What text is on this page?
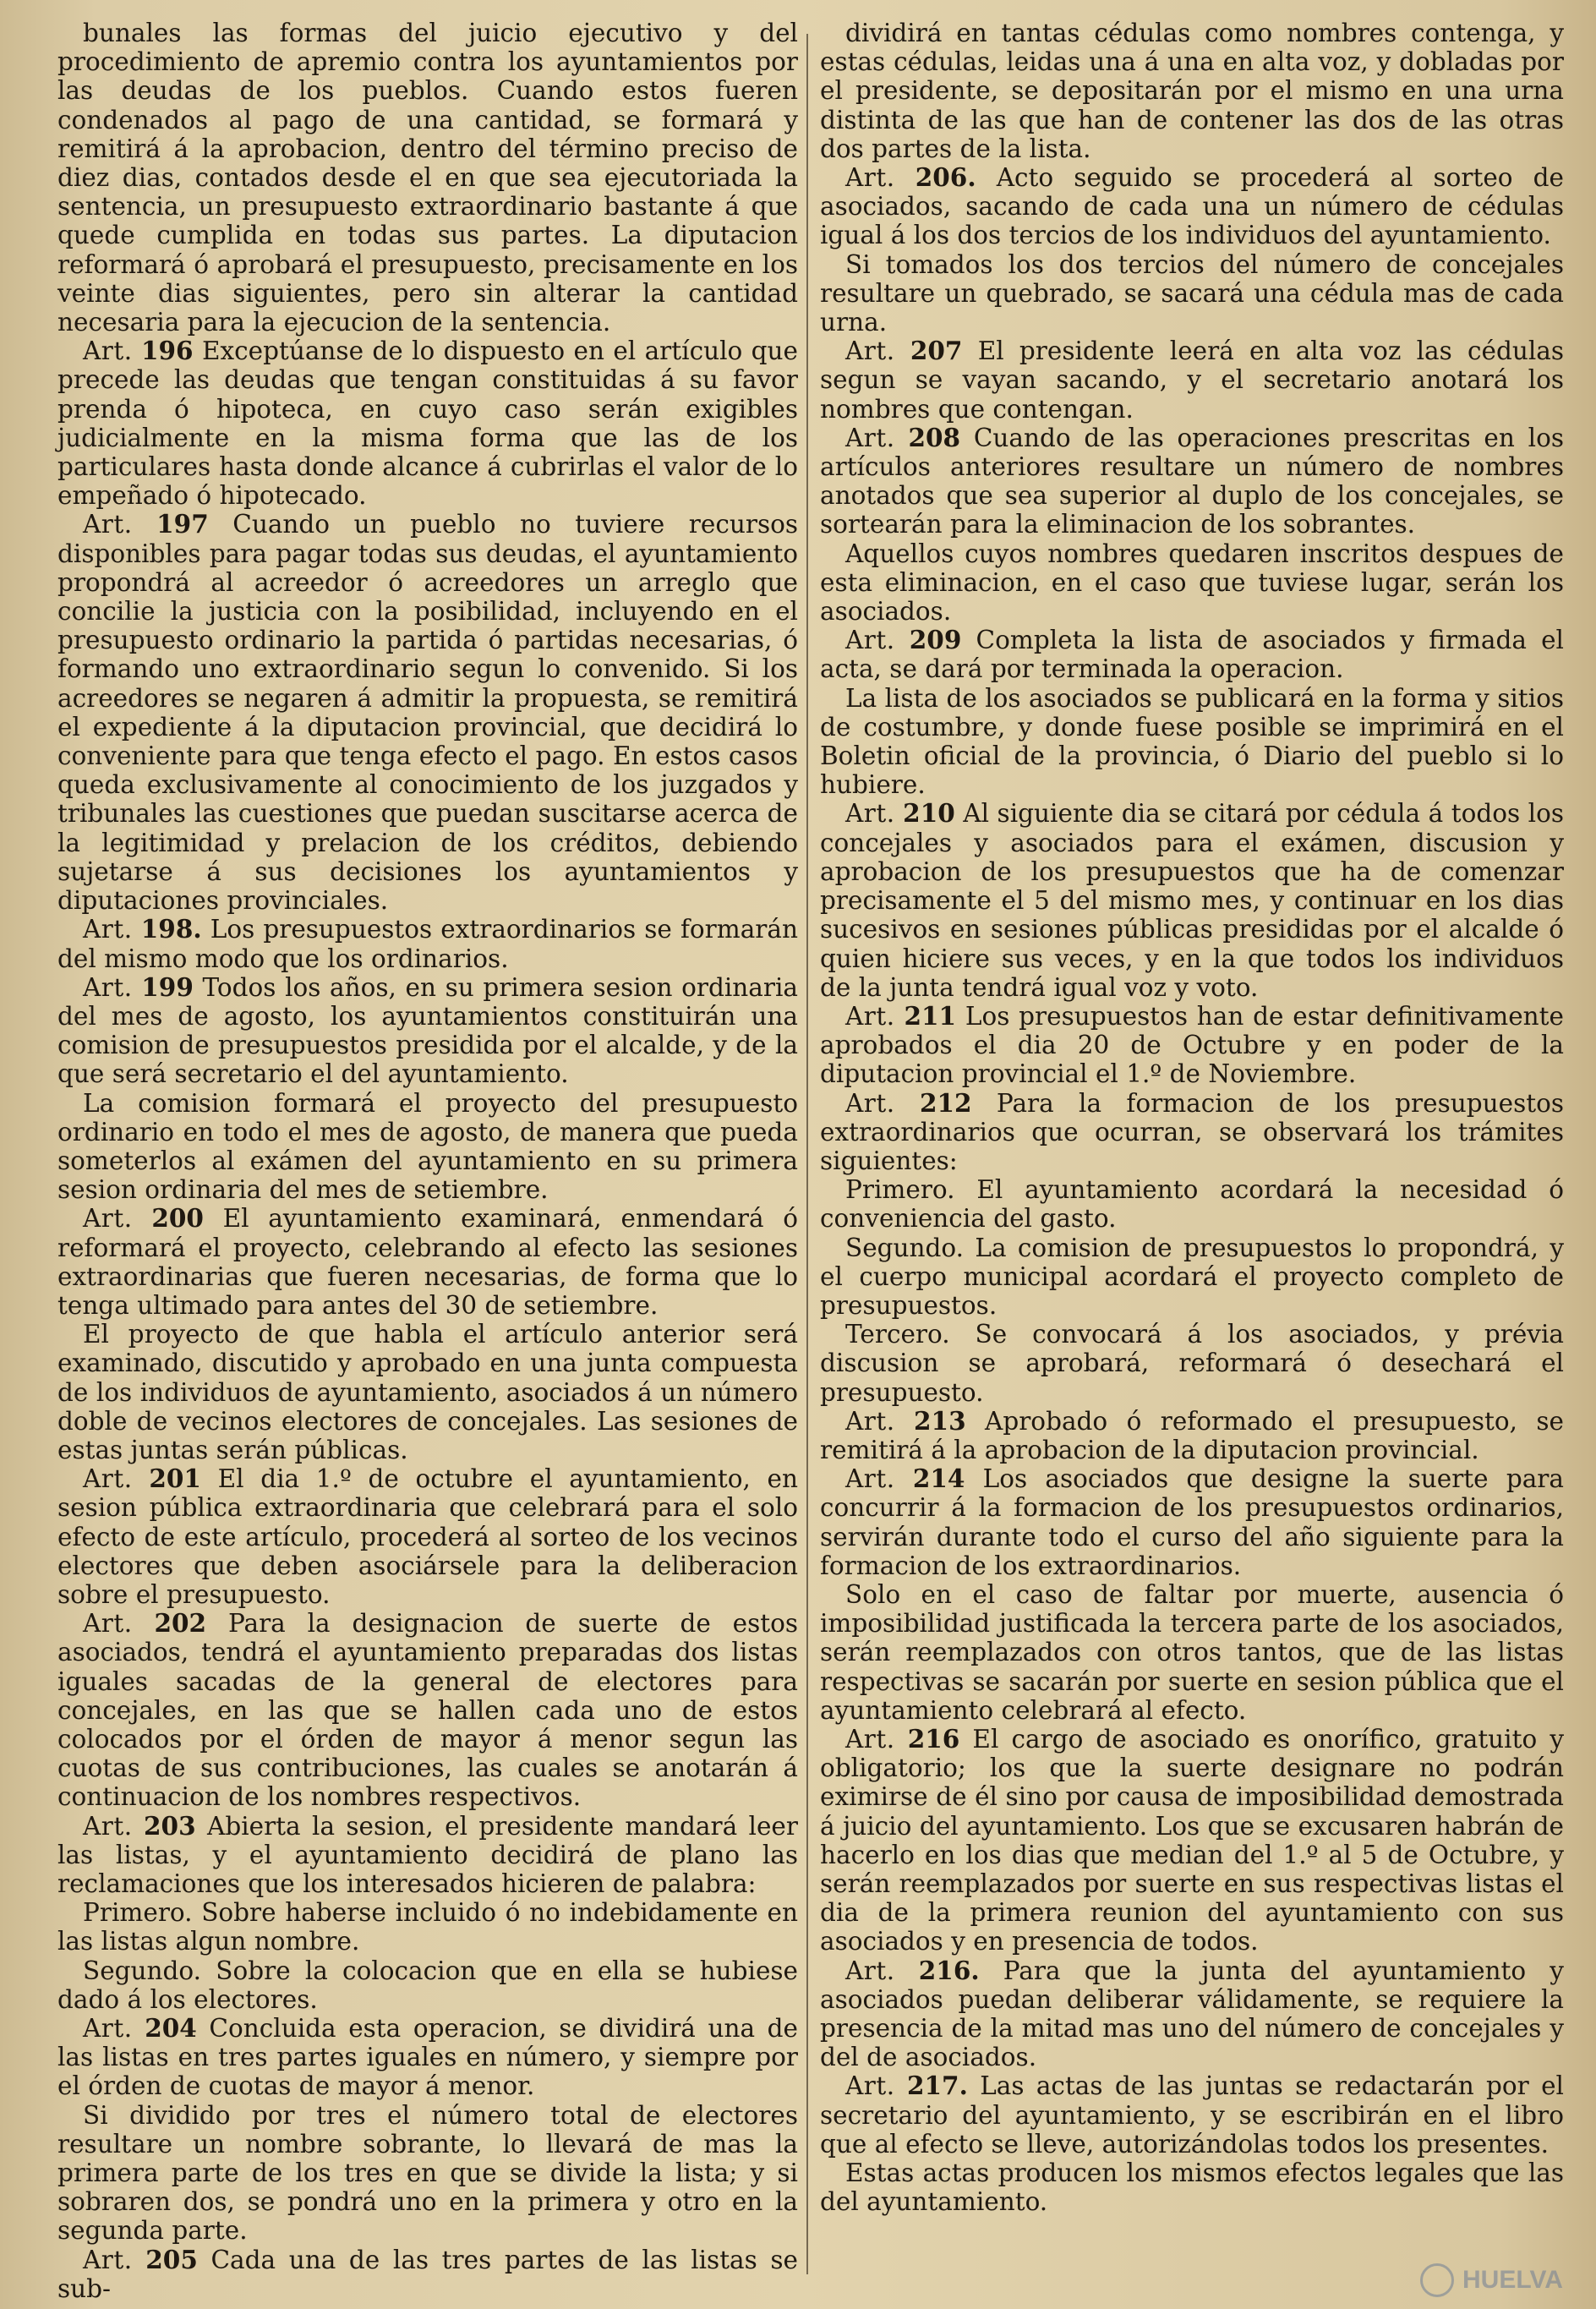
bunales las formas del juicio ejecutivo y del procedimiento de apremio contra los ayuntamientos por las deudas de los pueblos. Cuando estos fueren condenados al pago de una cantidad, se formará y remitirá á la aprobacion, dentro del término preciso de diez dias, contados desde el en que sea ejecutoriada la sentencia, un presupuesto extraordinario bastante á que quede cumplida en todas sus partes. La diputacion reformará ó aprobará el presupuesto, precisamente en los veinte dias siguientes, pero sin alterar la cantidad necesaria para la ejecucion de la sentencia.

Art. 196 Exceptúanse de lo dispuesto en el artículo que precede las deudas que tengan constituidas á su favor prenda ó hipoteca, en cuyo caso serán exigibles judicialmente en la misma forma que las de los particulares hasta donde alcance á cubrirlas el valor de lo empeñado ó hipotecado.

Art. 197 Cuando un pueblo no tuviere recursos disponibles para pagar todas sus deudas, el ayuntamiento propondrá al acreedor ó acreedores un arreglo que concilie la justicia con la posibilidad, incluyendo en el presupuesto ordinario la partida ó partidas necesarias, ó formando uno extraordinario segun lo convenido. Si los acreedores se negaren á admitir la propuesta, se remitirá el expediente á la diputacion provincial, que decidirá lo conveniente para que tenga efecto el pago. En estos casos queda exclusivamente al conocimiento de los juzgados y tribunales las cuestiones que puedan suscitarse acerca de la legitimidad y prelacion de los créditos, debiendo sujetarse á sus decisiones los ayuntamientos y diputaciones provinciales.

Art. 198. Los presupuestos extraordinarios se formarán del mismo modo que los ordinarios.

Art. 199 Todos los años, en su primera sesion ordinaria del mes de agosto, los ayuntamientos constituirán una comision de presupuestos presidida por el alcalde, y de la que será secretario el del ayuntamiento.

La comision formará el proyecto del presupuesto ordinario en todo el mes de agosto, de manera que pueda someterlos al exámen del ayuntamiento en su primera sesion ordinaria del mes de setiembre.

Art. 200 El ayuntamiento examinará, enmendará ó reformará el proyecto, celebrando al efecto las sesiones extraordinarias que fueren necesarias, de forma que lo tenga ultimado para antes del 30 de setiembre.

El proyecto de que habla el artículo anterior será examinado, discutido y aprobado en una junta compuesta de los individuos de ayuntamiento, asociados á un número doble de vecinos electores de concejales. Las sesiones de estas juntas serán públicas.

Art. 201 El dia 1.º de octubre el ayuntamiento, en sesion pública extraordinaria que celebrará para el solo efecto de este artículo, procederá al sorteo de los vecinos electores que deben asociársele para la deliberacion sobre el presupuesto.

Art. 202 Para la designacion de suerte de estos asociados, tendrá el ayuntamiento preparadas dos listas iguales sacadas de la general de electores para concejales, en las que se hallen cada uno de estos colocados por el órden de mayor á menor segun las cuotas de sus contribuciones, las cuales se anotarán á continuacion de los nombres respectivos.

Art. 203 Abierta la sesion, el presidente mandará leer las listas, y el ayuntamiento decidirá de plano las reclamaciones que los interesados hicieren de palabra:

Primero. Sobre haberse incluido ó no indebidamente en las listas algun nombre.

Segundo. Sobre la colocacion que en ella se hubiese dado á los electores.

Art. 204 Concluida esta operacion, se dividirá una de las listas en tres partes iguales en número, y siempre por el órden de cuotas de mayor á menor.

Si dividido por tres el número total de electores resultare un nombre sobrante, lo llevará de mas la primera parte de los tres en que se divide la lista; y si sobraren dos, se pondrá uno en la primera y otro en la segunda parte.

Art. 205 Cada una de las tres partes de las listas se sub-

dividirá en tantas cédulas como nombres contenga, y estas cédulas, leidas una á una en alta voz, y dobladas por el presidente, se depositarán por el mismo en una urna distinta de las que han de contener las dos de las otras dos partes de la lista.

Art. 206. Acto seguido se procederá al sorteo de asociados, sacando de cada una un número de cédulas igual á los dos tercios de los individuos del ayuntamiento.

Si tomados los dos tercios del número de concejales resultare un quebrado, se sacará una cédula mas de cada urna.

Art. 207 El presidente leerá en alta voz las cédulas segun se vayan sacando, y el secretario anotará los nombres que contengan.

Art. 208 Cuando de las operaciones prescritas en los artículos anteriores resultare un número de nombres anotados que sea superior al duplo de los concejales, se sortearán para la eliminacion de los sobrantes.

Aquellos cuyos nombres quedaren inscritos despues de esta eliminacion, en el caso que tuviese lugar, serán los asociados.

Art. 209 Completa la lista de asociados y firmada el acta, se dará por terminada la operacion.

La lista de los asociados se publicará en la forma y sitios de costumbre, y donde fuese posible se imprimirá en el Boletin oficial de la provincia, ó Diario del pueblo si lo hubiere.

Art. 210 Al siguiente dia se citará por cédula á todos los concejales y asociados para el exámen, discusion y aprobacion de los presupuestos que ha de comenzar precisamente el 5 del mismo mes, y continuar en los dias sucesivos en sesiones públicas presididas por el alcalde ó quien hiciere sus veces, y en la que todos los individuos de la junta tendrá igual voz y voto.

Art. 211 Los presupuestos han de estar definitivamente aprobados el dia 20 de Octubre y en poder de la diputacion provincial el 1.º de Noviembre.

Art. 212 Para la formacion de los presupuestos extraordinarios que ocurran, se observará los trámites siguientes:

Primero. El ayuntamiento acordará la necesidad ó conveniencia del gasto.

Segundo. La comision de presupuestos lo propondrá, y el cuerpo municipal acordará el proyecto completo de presupuestos.

Tercero. Se convocará á los asociados, y prévia discusion se aprobará, reformará ó desechará el presupuesto.

Art. 213 Aprobado ó reformado el presupuesto, se remitirá á la aprobacion de la diputacion provincial.

Art. 214 Los asociados que designe la suerte para concurrir á la formacion de los presupuestos ordinarios, servirán durante todo el curso del año siguiente para la formacion de los extraordinarios.

Solo en el caso de faltar por muerte, ausencia ó imposibilidad justificada la tercera parte de los asociados, serán reemplazados con otros tantos, que de las listas respectivas se sacarán por suerte en sesion pública que el ayuntamiento celebrará al efecto.

Art. 216 El cargo de asociado es onorífico, gratuito y obligatorio; los que la suerte designare no podrán eximirse de él sino por causa de imposibilidad demostrada á juicio del ayuntamiento. Los que se excusaren habrán de hacerlo en los dias que median del 1.º al 5 de Octubre, y serán reemplazados por suerte en sus respectivas listas el dia de la primera reunion del ayuntamiento con sus asociados y en presencia de todos.

Art. 216. Para que la junta del ayuntamiento y asociados puedan deliberar válidamente, se requiere la presencia de la mitad mas uno del número de concejales y del de asociados.

Art. 217. Las actas de las juntas se redactarán por el secretario del ayuntamiento, y se escribirán en el libro que al efecto se lleve, autorizándolas todos los presentes.

Estas actas producen los mismos efectos legales que las del ayuntamiento.

HUELVA
